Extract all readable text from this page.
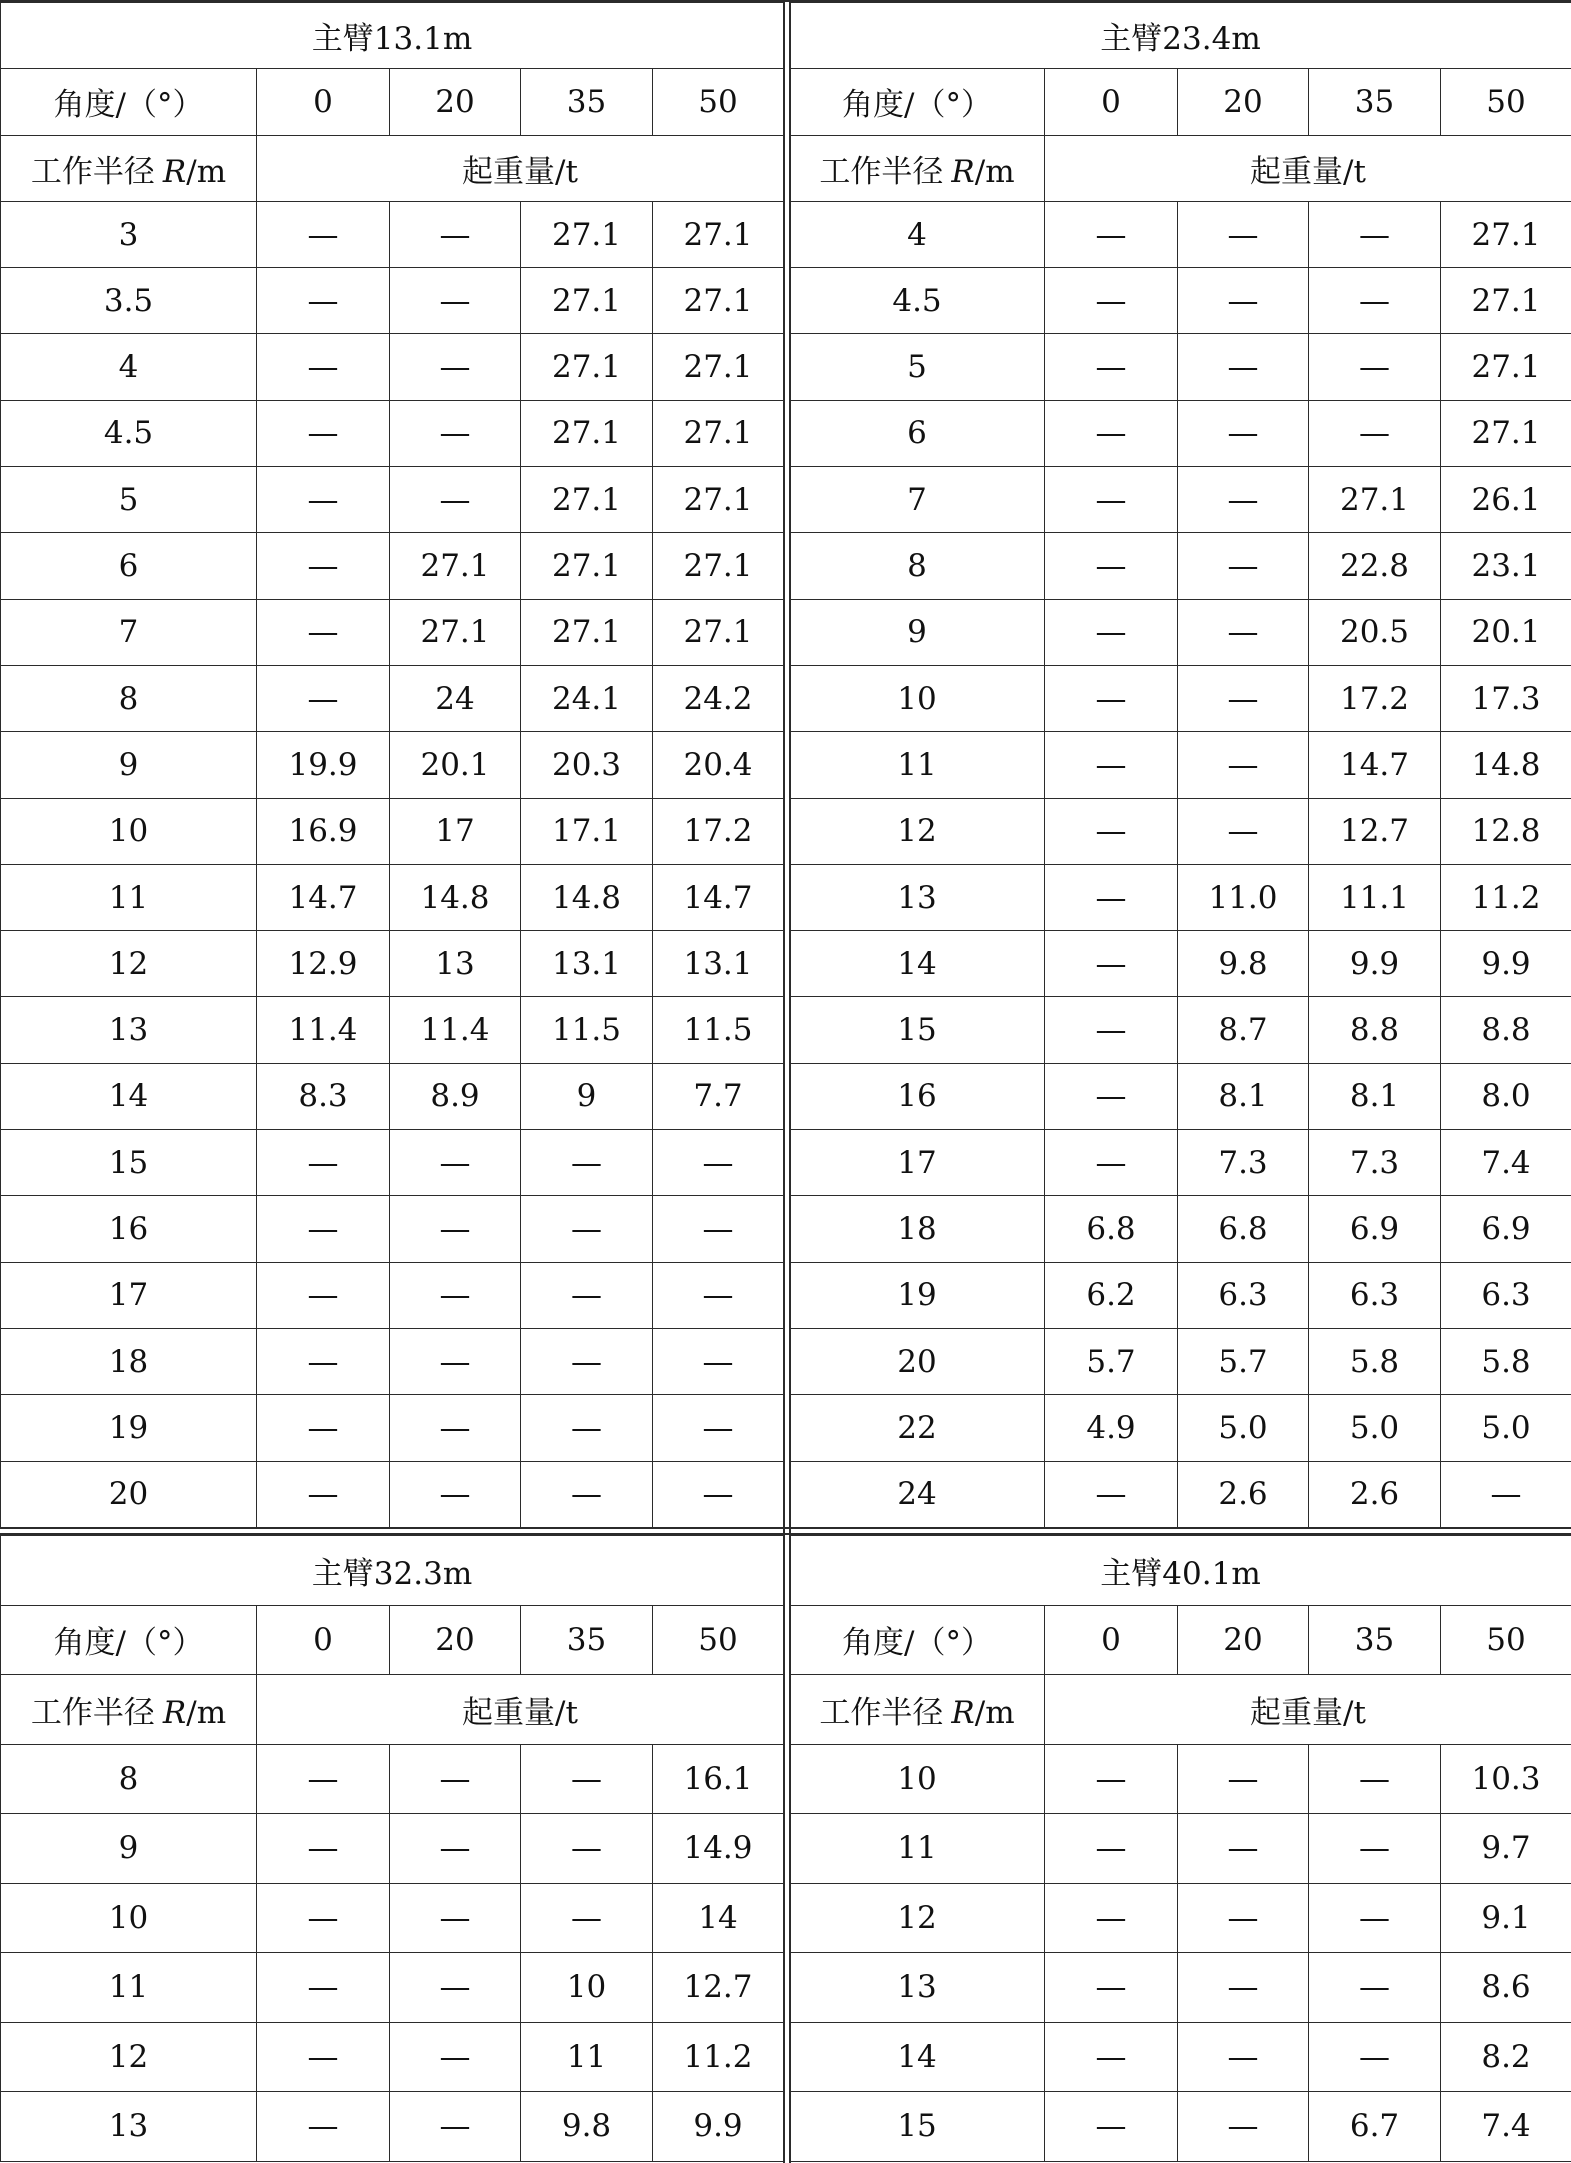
主臂13.1m				
角度/（°）	0	20	35	50
工作半径 R/m	起重量/t			
3	—	—	27.1	27.1
3.5	—	—	27.1	27.1
4	—	—	27.1	27.1
4.5	—	—	27.1	27.1
5	—	—	27.1	27.1
6	—	27.1	27.1	27.1
7	—	27.1	27.1	27.1
8	—	24	24.1	24.2
9	19.9	20.1	20.3	20.4
10	16.9	17	17.1	17.2
11	14.7	14.8	14.8	14.7
12	12.9	13	13.1	13.1
13	11.4	11.4	11.5	11.5
14	8.3	8.9	9	7.7
15	—	—	—	—
16	—	—	—	—
17	—	—	—	—
18	—	—	—	—
19	—	—	—	—
20	—	—	—	—
主臂23.4m				
角度/（°）	0	20	35	50
工作半径 R/m	起重量/t			
4	—	—	—	27.1
4.5	—	—	—	27.1
5	—	—	—	27.1
6	—	—	—	27.1
7	—	—	27.1	26.1
8	—	—	22.8	23.1
9	—	—	20.5	20.1
10	—	—	17.2	17.3
11	—	—	14.7	14.8
12	—	—	12.7	12.8
13	—	11.0	11.1	11.2
14	—	9.8	9.9	9.9
15	—	8.7	8.8	8.8
16	—	8.1	8.1	8.0
17	—	7.3	7.3	7.4
18	6.8	6.8	6.9	6.9
19	6.2	6.3	6.3	6.3
20	5.7	5.7	5.8	5.8
22	4.9	5.0	5.0	5.0
24	—	2.6	2.6	—
主臂32.3m				
角度/（°）	0	20	35	50
工作半径 R/m	起重量/t			
8	—	—	—	16.1
9	—	—	—	14.9
10	—	—	—	14
11	—	—	10	12.7
12	—	—	11	11.2
13	—	—	9.8	9.9
主臂40.1m				
角度/（°）	0	20	35	50
工作半径 R/m	起重量/t			
10	—	—	—	10.3
11	—	—	—	9.7
12	—	—	—	9.1
13	—	—	—	8.6
14	—	—	—	8.2
15	—	—	6.7	7.4
